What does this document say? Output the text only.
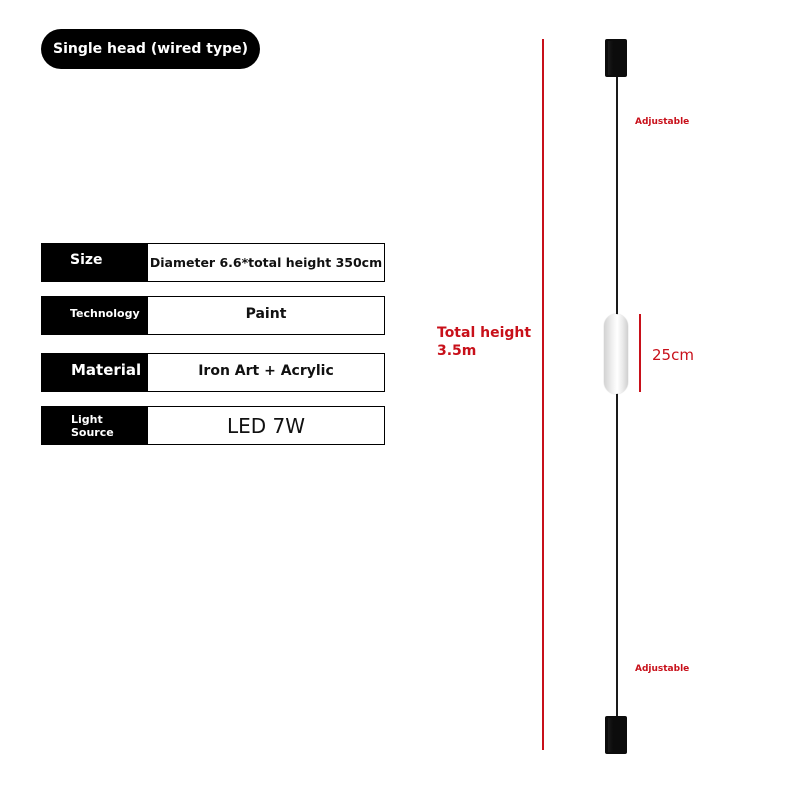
Single head (wired type)
Size	Diameter 6.6*total height 350cm
Technology	Paint
Material	Iron Art + Acrylic
Light
Source	LED 7W
Total height
3.5m	25cm
Adjustable
Adjustable
